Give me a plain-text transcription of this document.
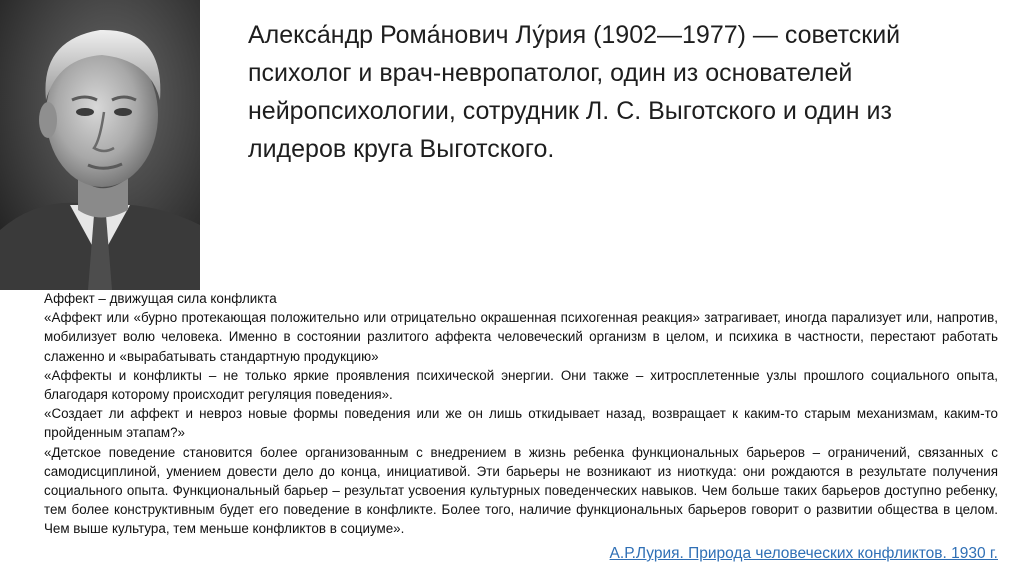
Алекса́ндр Рома́нович Лу́рия (1902—1977) — советский психолог и врач-невропатолог, один из основателей нейропсихологии, сотрудник Л. С. Выготского и один из лидеров круга Выготского.

Аффект – движущая сила конфликта

«Аффект или «бурно протекающая положительно или отрицательно окрашенная психогенная реакция» затрагивает, иногда парализует или, напротив, мобилизует волю человека. Именно в состоянии разлитого аффекта человеческий организм в целом, и психика в частности, перестают работать слаженно и «вырабатывать стандартную продукцию»

«Аффекты и конфликты – не только яркие проявления психической энергии. Они также – хитросплетенные узлы прошлого социального опыта, благодаря которому происходит регуляция поведения».

«Создает ли аффект и невроз новые формы поведения или же он лишь откидывает назад, возвращает к каким-то старым механизмам, каким-то пройденным этапам?»

«Детское поведение становится более организованным с внедрением в жизнь ребенка функциональных барьеров – ограничений, связанных с самодисциплиной, умением довести дело до конца, инициативой. Эти барьеры не возникают из ниоткуда: они рождаются в результате получения социального опыта. Функциональный барьер – результат усвоения культурных поведенческих навыков. Чем больше таких барьеров доступно ребенку, тем более конструктивным будет его поведение в конфликте. Более того, наличие функциональных барьеров говорит о развитии общества в целом. Чем выше культура, тем меньше конфликтов в социуме».

А.Р.Лурия. Природа человеческих конфликтов. 1930 г.
